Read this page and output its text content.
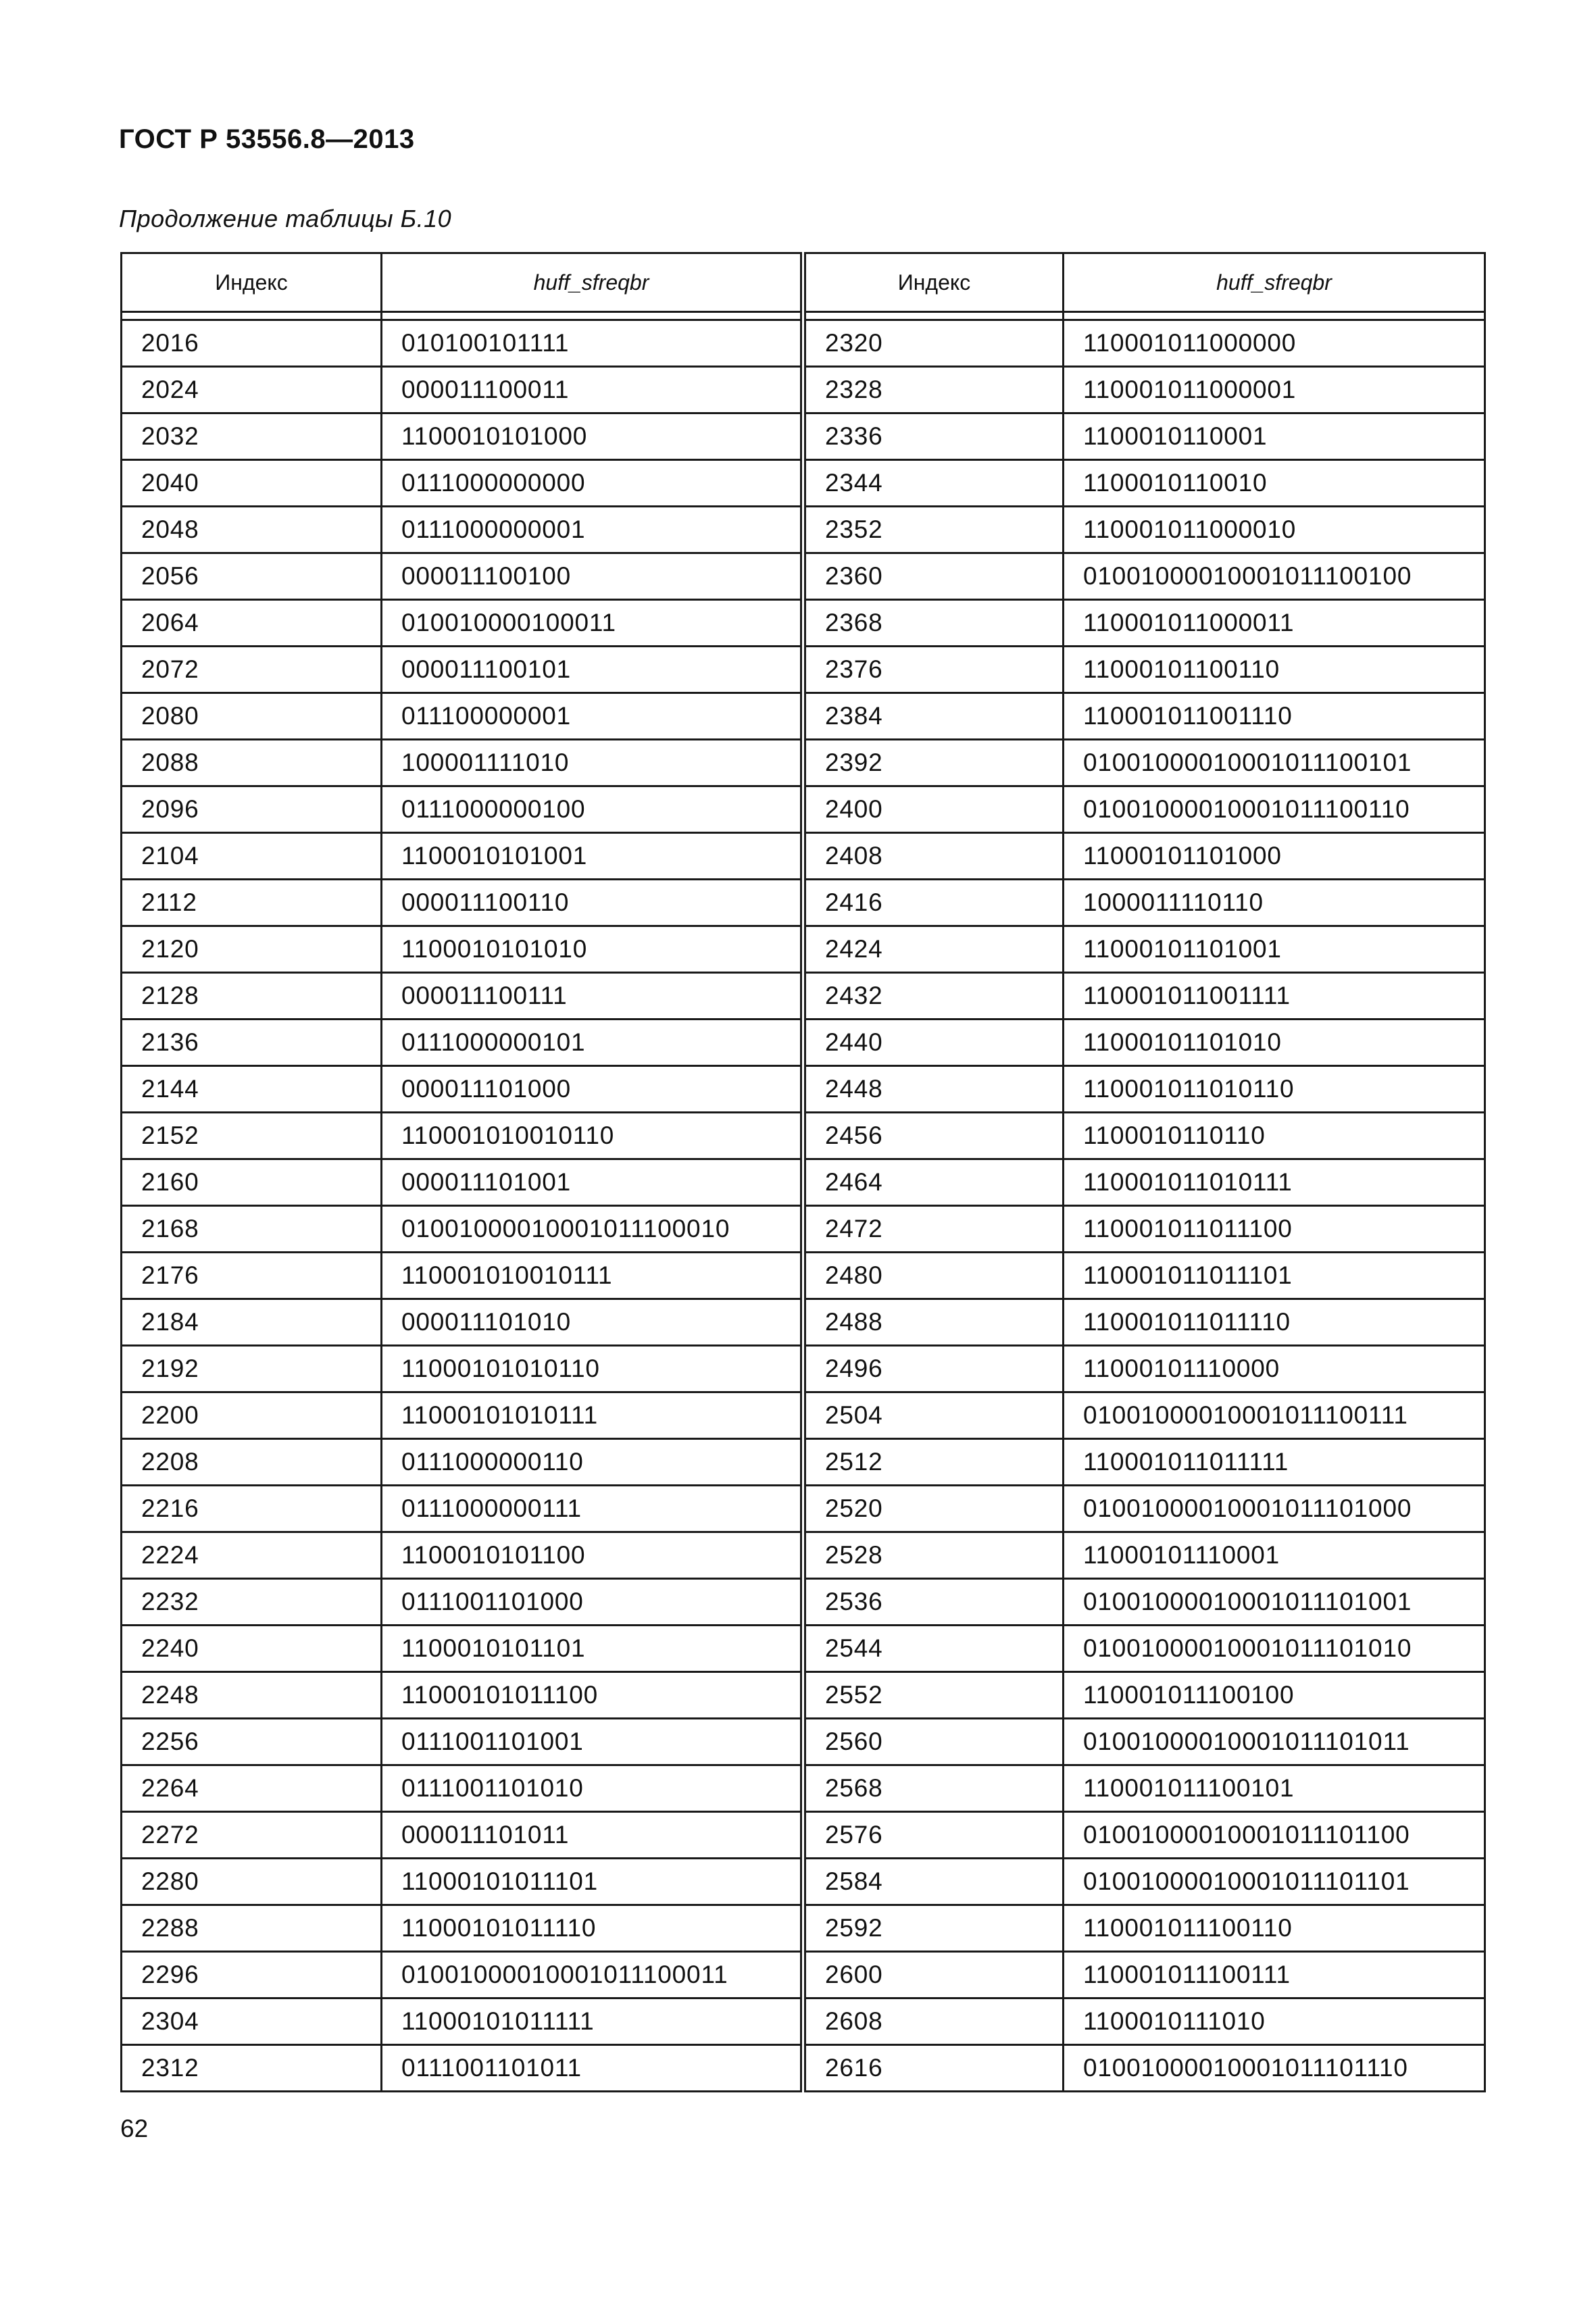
ГОСТ Р 53556.8—2013
Продолжение таблицы Б.10
Индекс	huff_sfreqbr	Индекс	huff_sfreqbr

2016	010100101111	2320	110001011000000
2024	000011100011	2328	110001011000001
2032	1100010101000	2336	1100010110001
2040	0111000000000	2344	1100010110010
2048	0111000000001	2352	110001011000010
2056	000011100100	2360	01001000010001011100100
2064	010010000100011	2368	110001011000011
2072	000011100101	2376	11000101100110
2080	011100000001	2384	110001011001110
2088	100001111010	2392	01001000010001011100101
2096	0111000000100	2400	01001000010001011100110
2104	1100010101001	2408	11000101101000
2112	000011100110	2416	1000011110110
2120	1100010101010	2424	11000101101001
2128	000011100111	2432	110001011001111
2136	0111000000101	2440	11000101101010
2144	000011101000	2448	110001011010110
2152	110001010010110	2456	1100010110110
2160	000011101001	2464	110001011010111
2168	01001000010001011100010	2472	110001011011100
2176	110001010010111	2480	110001011011101
2184	000011101010	2488	110001011011110
2192	11000101010110	2496	11000101110000
2200	11000101010111	2504	01001000010001011100111
2208	0111000000110	2512	110001011011111
2216	0111000000111	2520	01001000010001011101000
2224	1100010101100	2528	11000101110001
2232	0111001101000	2536	01001000010001011101001
2240	1100010101101	2544	01001000010001011101010
2248	11000101011100	2552	110001011100100
2256	0111001101001	2560	01001000010001011101011
2264	0111001101010	2568	110001011100101
2272	000011101011	2576	01001000010001011101100
2280	11000101011101	2584	01001000010001011101101
2288	11000101011110	2592	110001011100110
2296	01001000010001011100011	2600	110001011100111
2304	11000101011111	2608	1100010111010
2312	0111001101011	2616	01001000010001011101110
62
